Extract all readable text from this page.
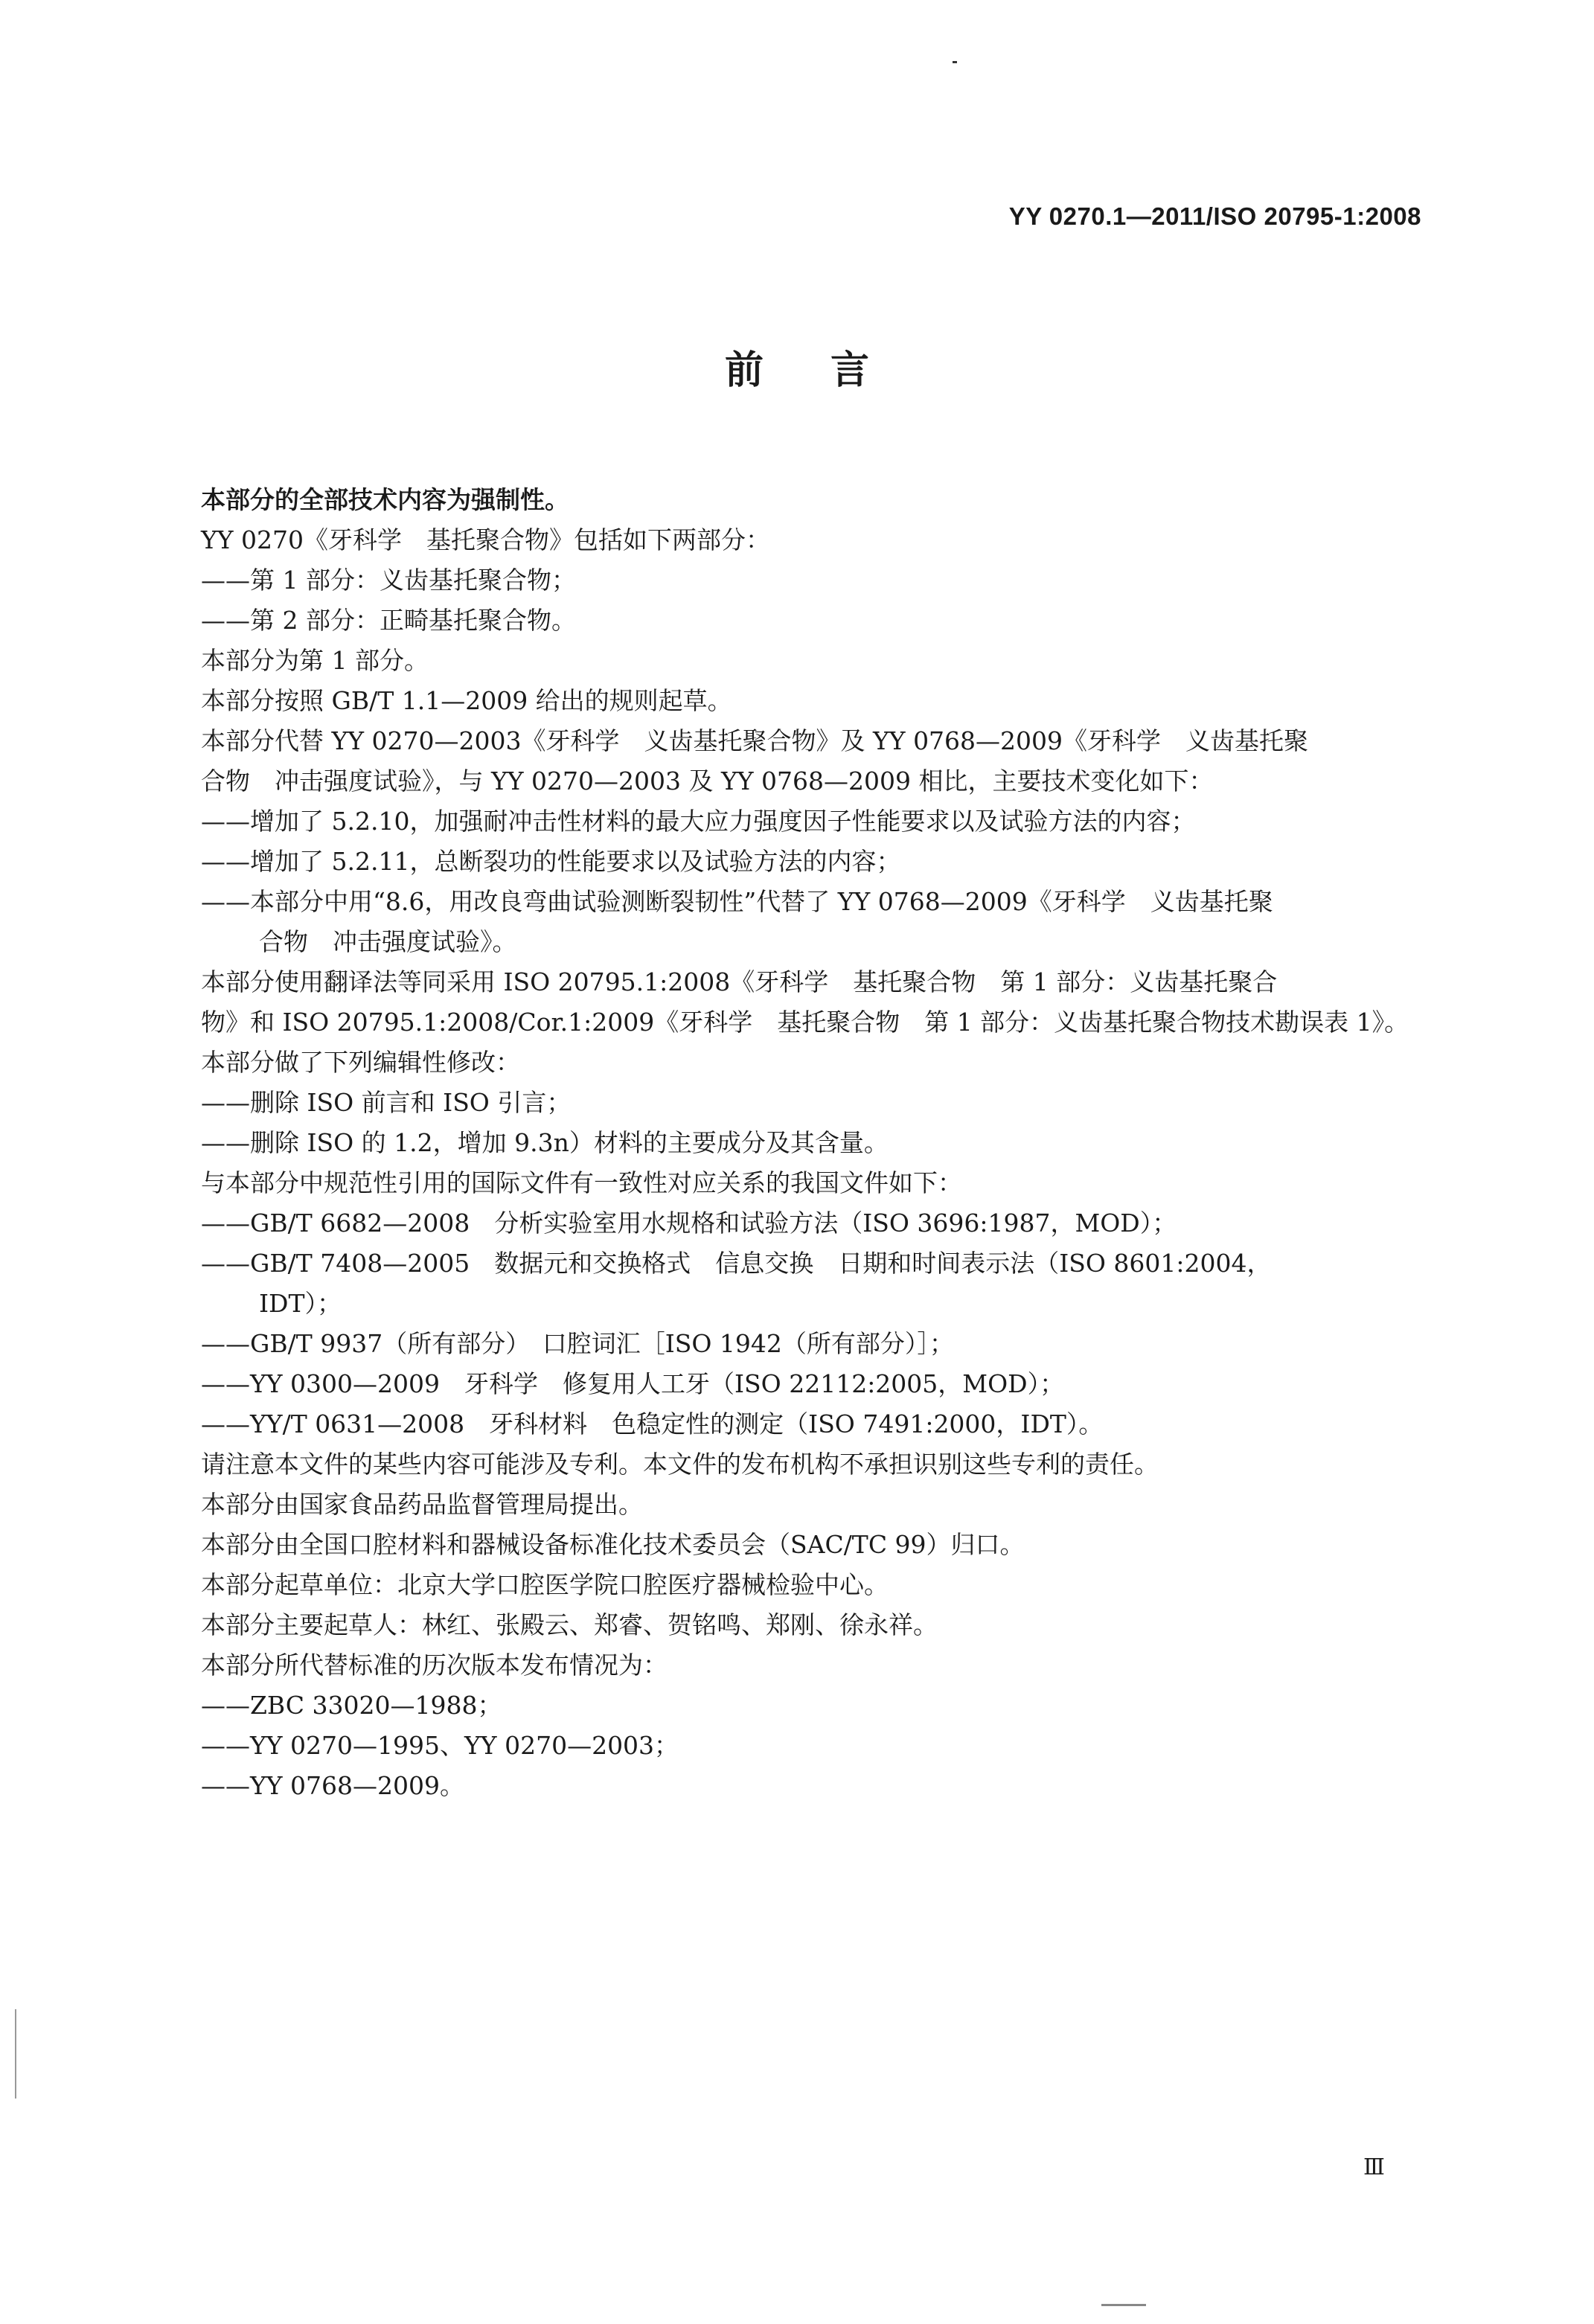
YY 0270.1—2011/ISO 20795-1:2008
前言

本部分的全部技术内容为强制性。

YY 0270《牙科学　基托聚合物》包括如下两部分：

——第 1 部分：义齿基托聚合物；

——第 2 部分：正畸基托聚合物。

本部分为第 1 部分。

本部分按照 GB/T 1.1—2009 给出的规则起草。

本部分代替 YY 0270—2003《牙科学　义齿基托聚合物》及 YY 0768—2009《牙科学　义齿基托聚

合物　冲击强度试验》，与 YY 0270—2003 及 YY 0768—2009 相比，主要技术变化如下：

——增加了 5.2.10，加强耐冲击性材料的最大应力强度因子性能要求以及试验方法的内容；

——增加了 5.2.11，总断裂功的性能要求以及试验方法的内容；

——本部分中用“8.6，用改良弯曲试验测断裂韧性”代替了 YY 0768—2009《牙科学　义齿基托聚

合物　冲击强度试验》。

本部分使用翻译法等同采用 ISO 20795.1:2008《牙科学　基托聚合物　第 1 部分：义齿基托聚合

物》和 ISO 20795.1:2008/Cor.1:2009《牙科学　基托聚合物　第 1 部分：义齿基托聚合物技术勘误表 1》。

本部分做了下列编辑性修改：

——删除 ISO 前言和 ISO 引言；

——删除 ISO 的 1.2，增加 9.3n）材料的主要成分及其含量。

与本部分中规范性引用的国际文件有一致性对应关系的我国文件如下：

——GB/T 6682—2008　分析实验室用水规格和试验方法（ISO 3696:1987，MOD）；

——GB/T 7408—2005　数据元和交换格式　信息交换　日期和时间表示法（ISO 8601:2004，

IDT）；

——GB/T 9937（所有部分）　口腔词汇［ISO 1942（所有部分）］；

——YY 0300—2009　牙科学　修复用人工牙（ISO 22112:2005，MOD）；

——YY/T 0631—2008　牙科材料　色稳定性的测定（ISO 7491:2000，IDT）。

请注意本文件的某些内容可能涉及专利。本文件的发布机构不承担识别这些专利的责任。

本部分由国家食品药品监督管理局提出。

本部分由全国口腔材料和器械设备标准化技术委员会（SAC/TC 99）归口。

本部分起草单位：北京大学口腔医学院口腔医疗器械检验中心。

本部分主要起草人：林红、张殿云、郑睿、贺铭鸣、郑刚、徐永祥。

本部分所代替标准的历次版本发布情况为：

——ZBC 33020—1988；

——YY 0270—1995、YY 0270—2003；

——YY 0768—2009。

Ⅲ
